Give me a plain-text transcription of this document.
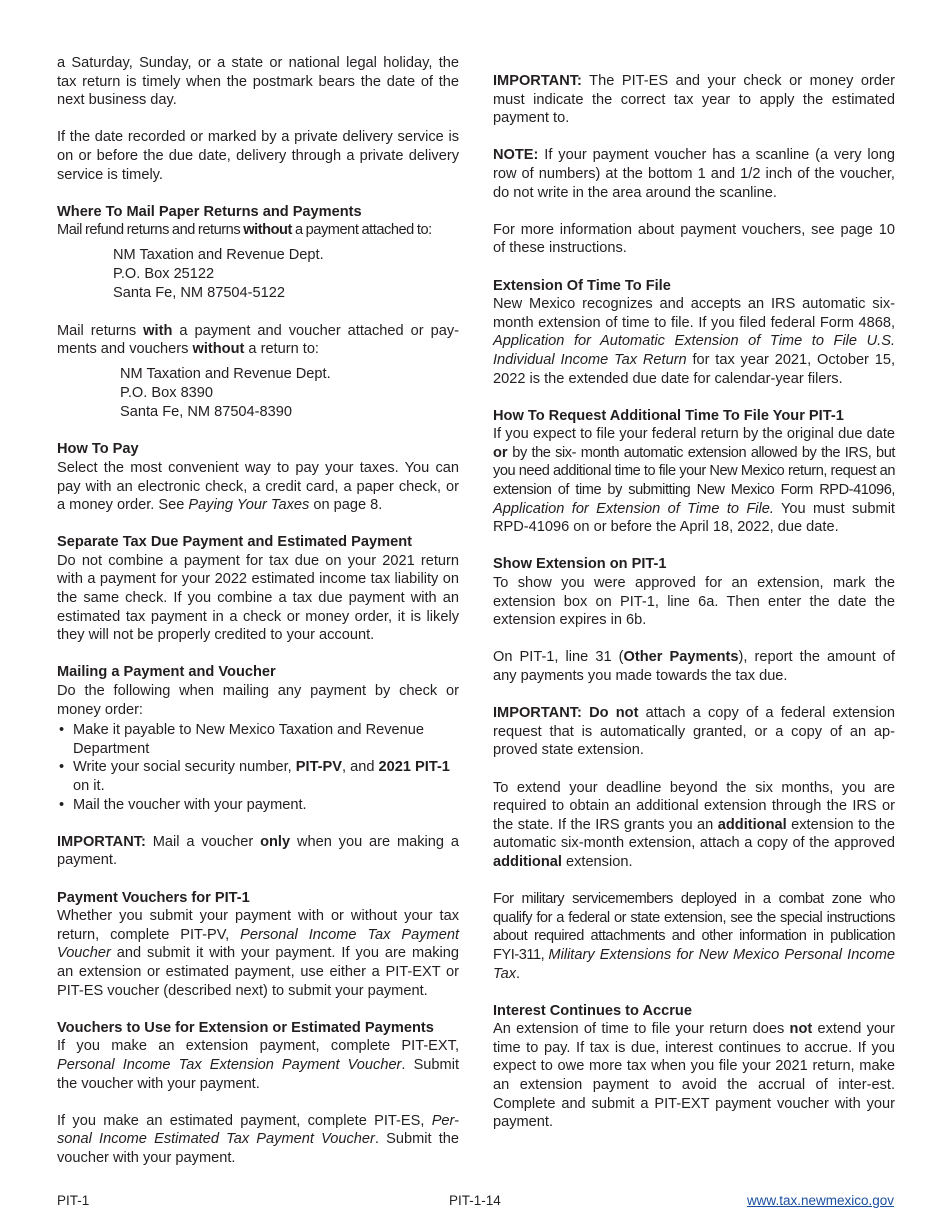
a Saturday, Sunday, or a state or national legal holiday, the tax return is timely when the postmark bears the date of the next business day.

If the date recorded or marked by a private delivery service is on or before the due date, delivery through a private delivery service is timely.

Where To Mail Paper Returns and Payments

Mail refund returns and returns without a payment attached to:

NM Taxation and Revenue Dept.
P.O. Box 25122
Santa Fe, NM 87504-5122

Mail returns with a payment and voucher attached or pay-ments and vouchers without a return to:

NM Taxation and Revenue Dept.
P.O. Box 8390
Santa Fe, NM 87504-8390
How To Pay

Select the most convenient way to pay your taxes. You can pay with an electronic check, a credit card, a paper check, or a money order. See Paying Your Taxes on page 8.

Separate Tax Due Payment and Estimated Payment

Do not combine a payment for tax due on your 2021 return with a payment for your 2022 estimated income tax liability on the same check. If you combine a tax due payment with an estimated tax payment in a check or money order, it is likely they will not be properly credited to your account.

Mailing a Payment and Voucher

Do the following when mailing any payment by check or money order:

• Make it payable to New Mexico Taxation and Revenue Department
• Write your social security number, PIT-PV, and 2021 PIT-1 on it.
• Mail the voucher with your payment.

IMPORTANT: Mail a voucher only when you are making a payment.

Payment Vouchers for PIT-1

Whether you submit your payment with or without your tax return, complete PIT-PV, Personal Income Tax Payment Voucher and submit it with your payment. If you are making an extension or estimated payment, use either a PIT-EXT or PIT-ES voucher (described next) to submit your payment.

Vouchers to Use for Extension or Estimated Payments

If you make an extension payment, complete PIT-EXT, Personal Income Tax Extension Payment Voucher. Submit the voucher with your payment.

If you make an estimated payment, complete PIT-ES, Per-sonal Income Estimated Tax Payment Voucher. Submit the voucher with your payment.

IMPORTANT: The PIT-ES and your check or money order must indicate the correct tax year to apply the estimated payment to.

NOTE: If your payment voucher has a scanline (a very long row of numbers) at the bottom 1 and 1/2 inch of the voucher, do not write in the area around the scanline.

For more information about payment vouchers, see page 10 of these instructions.

Extension Of Time To File

New Mexico recognizes and accepts an IRS automatic six-month extension of time to file. If you filed federal Form 4868, Application for Automatic Extension of Time to File U.S. Individual Income Tax Return for tax year 2021, October 15, 2022 is the extended due date for calendar-year filers.

How To Request Additional Time To File Your PIT-1

If you expect to file your federal return by the original due date or by the six- month automatic extension allowed by the IRS, but you need additional time to file your New Mexico return, request an extension of time by submitting New Mexico Form RPD-41096, Application for Extension of Time to File. You must submit RPD-41096 on or before the April 18, 2022, due date.

Show Extension on PIT-1

To show you were approved for an extension, mark the extension box on PIT-1, line 6a. Then enter the date the extension expires in 6b.

On PIT-1, line 31 (Other Payments), report the amount of any payments you made towards the tax due.

IMPORTANT: Do not attach a copy of a federal extension request that is automatically granted, or a copy of an ap-proved state extension.

To extend your deadline beyond the six months, you are required to obtain an additional extension through the IRS or the state. If the IRS grants you an additional extension to the automatic six-month extension, attach a copy of the approved additional extension.

For military servicemembers deployed in a combat zone who qualify for a federal or state extension, see the special instructions about required attachments and other information in publication FYI-311, Military Extensions for New Mexico Personal Income Tax.

Interest Continues to Accrue

An extension of time to file your return does not extend your time to pay. If tax is due, interest continues to accrue. If you expect to owe more tax when you file your 2021 return, make an extension payment to avoid the accrual of inter-est. Complete and submit a PIT-EXT payment voucher with your payment.

PIT-1	PIT-1-14	www.tax.newmexico.gov
